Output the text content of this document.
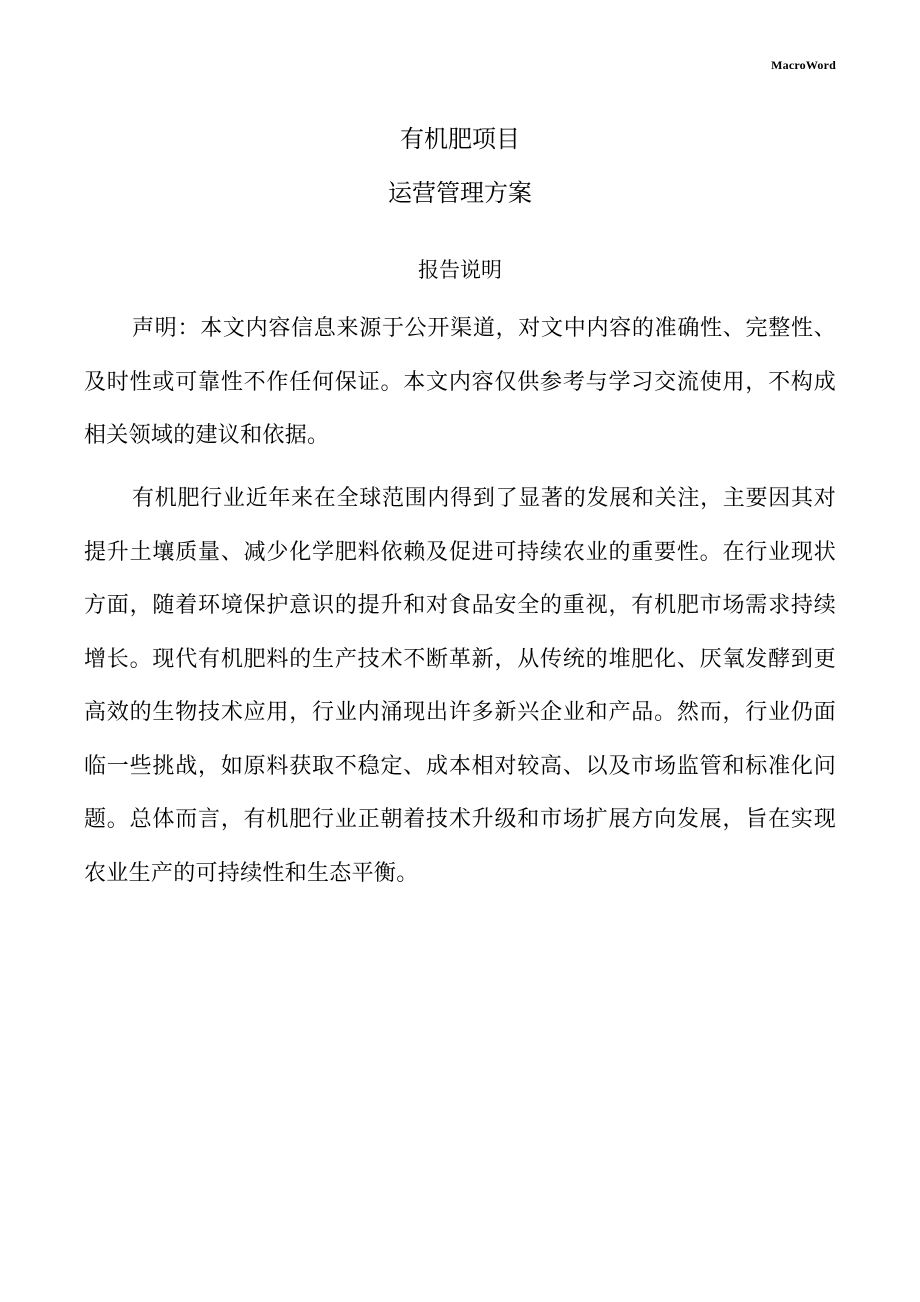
MacroWord
有机肥项目
运营管理方案
报告说明

声明：本文内容信息来源于公开渠道，对文中内容的准确性、完整性、及时性或可靠性不作任何保证。本文内容仅供参考与学习交流使用，不构成相关领域的建议和依据。

有机肥行业近年来在全球范围内得到了显著的发展和关注，主要因其对提升土壤质量、减少化学肥料依赖及促进可持续农业的重要性。在行业现状方面，随着环境保护意识的提升和对食品安全的重视，有机肥市场需求持续增长。现代有机肥料的生产技术不断革新，从传统的堆肥化、厌氧发酵到更高效的生物技术应用，行业内涌现出许多新兴企业和产品。然而，行业仍面临一些挑战，如原料获取不稳定、成本相对较高、以及市场监管和标准化问题。总体而言，有机肥行业正朝着技术升级和市场扩展方向发展，旨在实现农业生产的可持续性和生态平衡。
